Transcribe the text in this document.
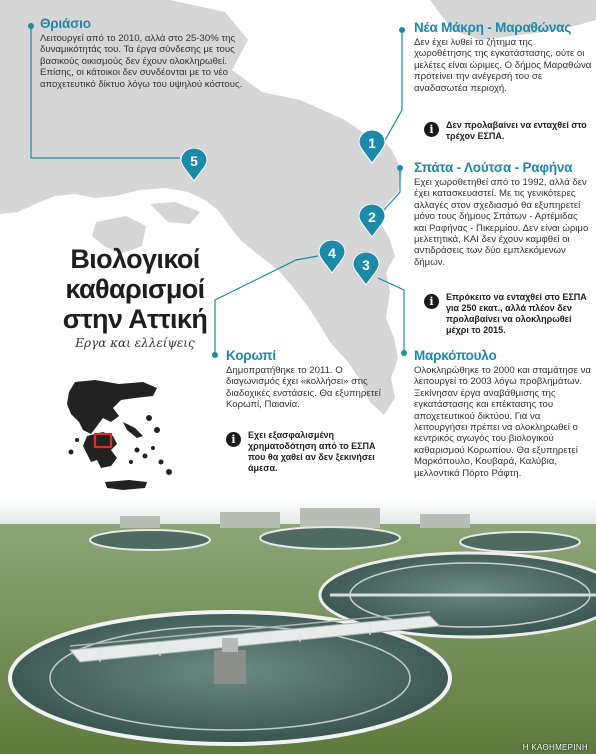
1
2
3
4
5
Θριάσιο
Λειτουργεί από το 2010, αλλά στο 25-30% της δυναμικότητάς του. Τα έργα σύνδεσης με τους βασικούς οικισμούς δεν έχουν ολοκληρωθεί. Επίσης, οι κάτοικοι δεν συνδέονται με το νέο αποχετευτικό δίκτυο λόγω του υψηλού κόστους.
Νέα Μάκρη - Μαραθώνας
Δεν έχει λυθεί το ζήτημα της χωροθέτησης της εγκατάστασης, ούτε οι μελέτες είναι ώριμες. Ο δήμος Μαραθώνα προτείνει την ανέγερσή του σε αναδασωτέα περιοχή.
i	Δεν προλαβαίνει να ενταχθεί στο τρέχον ΕΣΠΑ.
Σπάτα - Λούτσα - Ραφήνα
Εχει χωροθετηθεί από το 1992, αλλά δεν έχει κατασκευαστεί. Με τις γενικότερες αλλαγές στον σχεδιασμό θα εξυπηρετεί μόνο τους δήμους Σπάτων - Αρτέμιδας και Ραφήνας - Πικερμίου. Δεν είναι ώριμο μελετητικά, ΚΑΙ δεν έχουν καμφθεί οι αντιδράσεις των δύο εμπλεκόμενων δήμων.
i	Επρόκειτο να ενταχθεί στο ΕΣΠΑ για 250 εκατ., αλλά πλέον δεν προλαβαίνει να ολοκληρωθεί μέχρι το 2015.
Κορωπί
Δημοπρατήθηκε το 2011. Ο διαγωνισμός έχει «κολλήσει» στις διαδοχικές ενστάσεις. Θα εξυπηρετεί Κορωπί, Παιανία.
i	Εχει εξασφαλισμένη χρηματοδότηση από το ΕΣΠΑ που θα χαθεί αν δεν ξεκινήσει άμεσα.
Μαρκόπουλο
Ολοκληρώθηκε το 2000 και σταμάτησε να λειτουργεί το 2003 λόγω προβλημάτων. Ξεκίνησαν έργα αναβάθμισης της εγκατάστασης και επέκτασης του αποχετευτικού δικτύου. Για να λειτουργήσει πρέπει να ολοκληρωθεί ο κεντρικός αγωγός του βιολογικού καθαρισμού Κορωπίου. Θα εξυπηρετεί Μαρκόπουλο, Κουβαρά, Καλύβια, μελλοντικά Πόρτο Ράφτη.
Βιολογικοί
καθαρισμοί
στην Αττική
Εργα και ελλείψεις
Η ΚΑΘΗΜΕΡΙΝΗ
